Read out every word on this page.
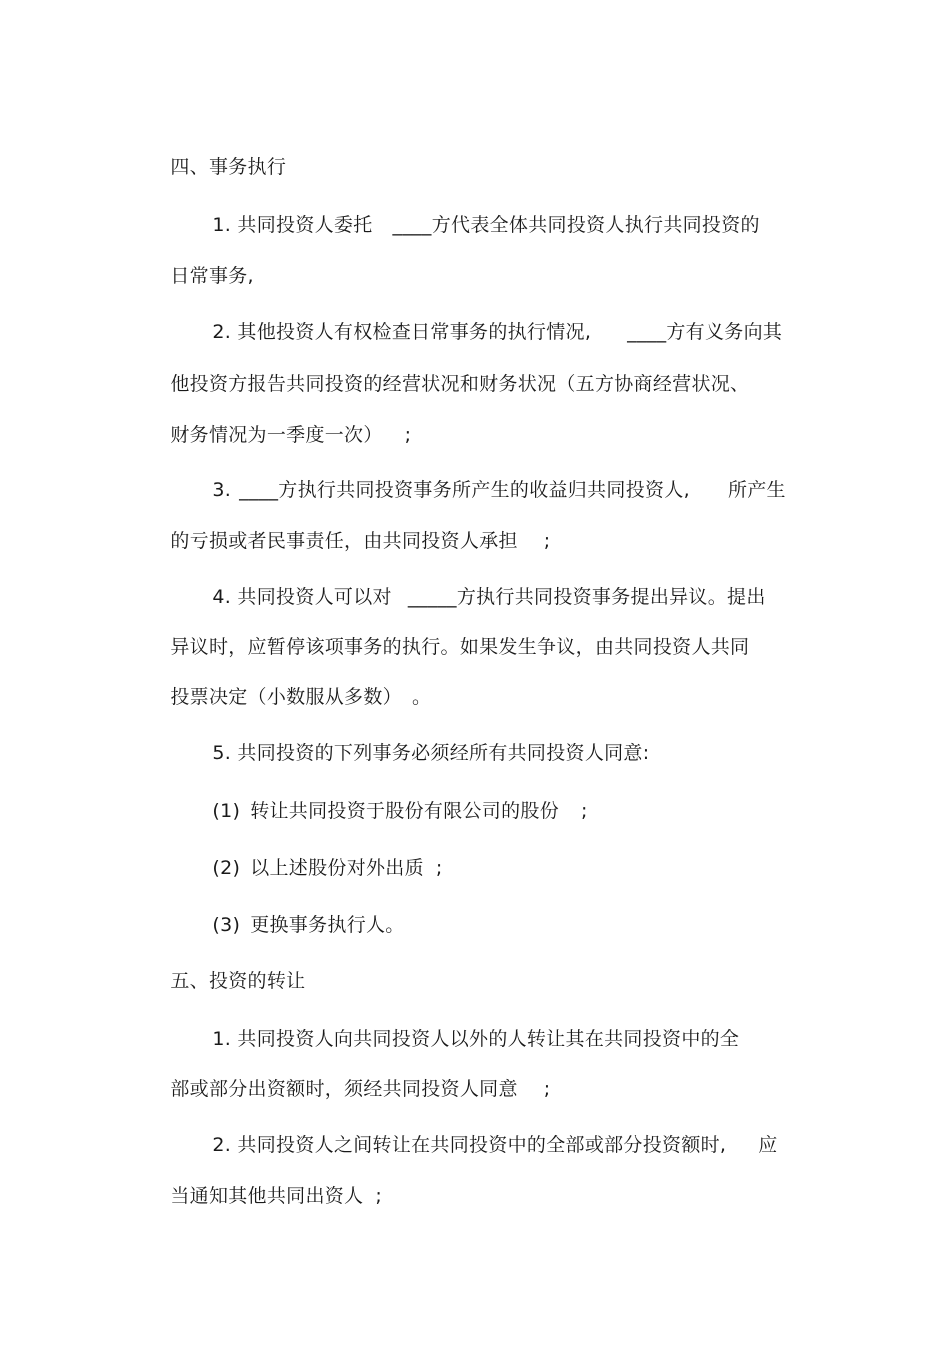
四、事务执行

1. 共同投资人委托 ____方代表全体共同投资人执行共同投资的

日常事务,

2. 其他投资人有权检查日常事务的执行情况, ____方有义务向其

他投资方报告共同投资的经营状况和财务状况（五方协商经营状况、

财务情况为一季度一次） ;

3. ____方执行共同投资事务所产生的收益归共同投资人, 所产生

的亏损或者民事责任，由共同投资人承担 ;

4. 共同投资人可以对 _____方执行共同投资事务提出异议。提出

异议时，应暂停该项事务的执行。如果发生争议，由共同投资人共同

投票决定（小数服从多数） 。

5. 共同投资的下列事务必须经所有共同投资人同意:

(1) 转让共同投资于股份有限公司的股份 ;

(2) 以上述股份对外出质 ;

(3) 更换事务执行人。

五、投资的转让

1. 共同投资人向共同投资人以外的人转让其在共同投资中的全

部或部分出资额时，须经共同投资人同意 ;

2. 共同投资人之间转让在共同投资中的全部或部分投资额时, 应

当通知其他共同出资人 ;
